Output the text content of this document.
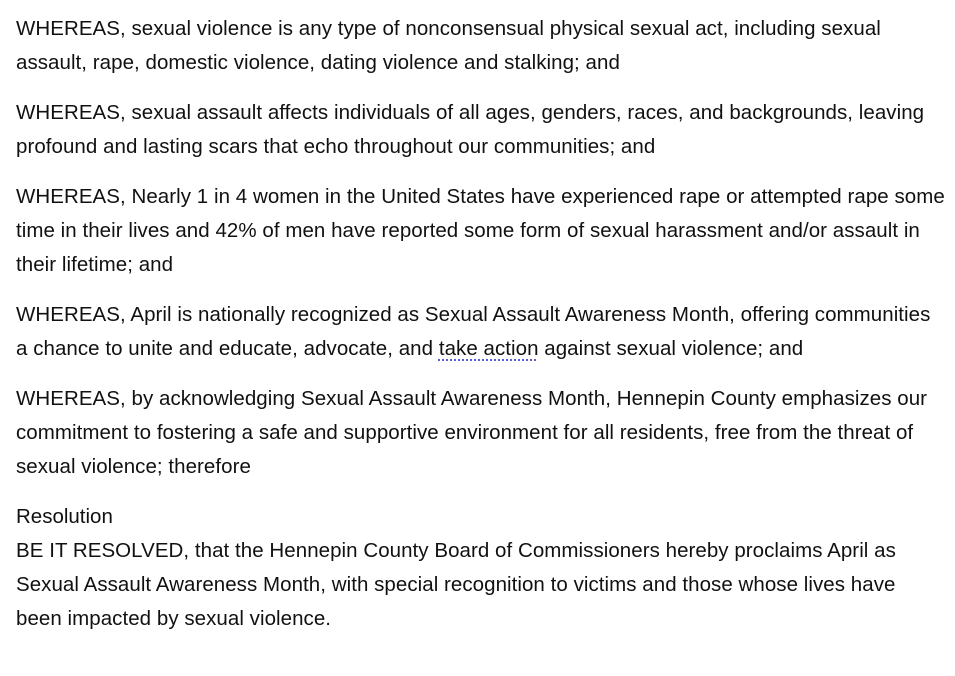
WHEREAS, sexual violence is any type of nonconsensual physical sexual act, including sexual assault, rape, domestic violence, dating violence and stalking; and

WHEREAS, sexual assault affects individuals of all ages, genders, races, and backgrounds, leaving profound and lasting scars that echo throughout our communities; and

WHEREAS, Nearly 1 in 4 women in the United States have experienced rape or attempted rape some time in their lives and 42% of men have reported some form of sexual harassment and/or assault in their lifetime; and

WHEREAS, April is nationally recognized as Sexual Assault Awareness Month, offering communities a chance to unite and educate, advocate, and take action against sexual violence; and

WHEREAS, by acknowledging Sexual Assault Awareness Month, Hennepin County emphasizes our commitment to fostering a safe and supportive environment for all residents, free from the threat of sexual violence; therefore

Resolution

BE IT RESOLVED, that the Hennepin County Board of Commissioners hereby proclaims April as Sexual Assault Awareness Month, with special recognition to victims and those whose lives have been impacted by sexual violence.
